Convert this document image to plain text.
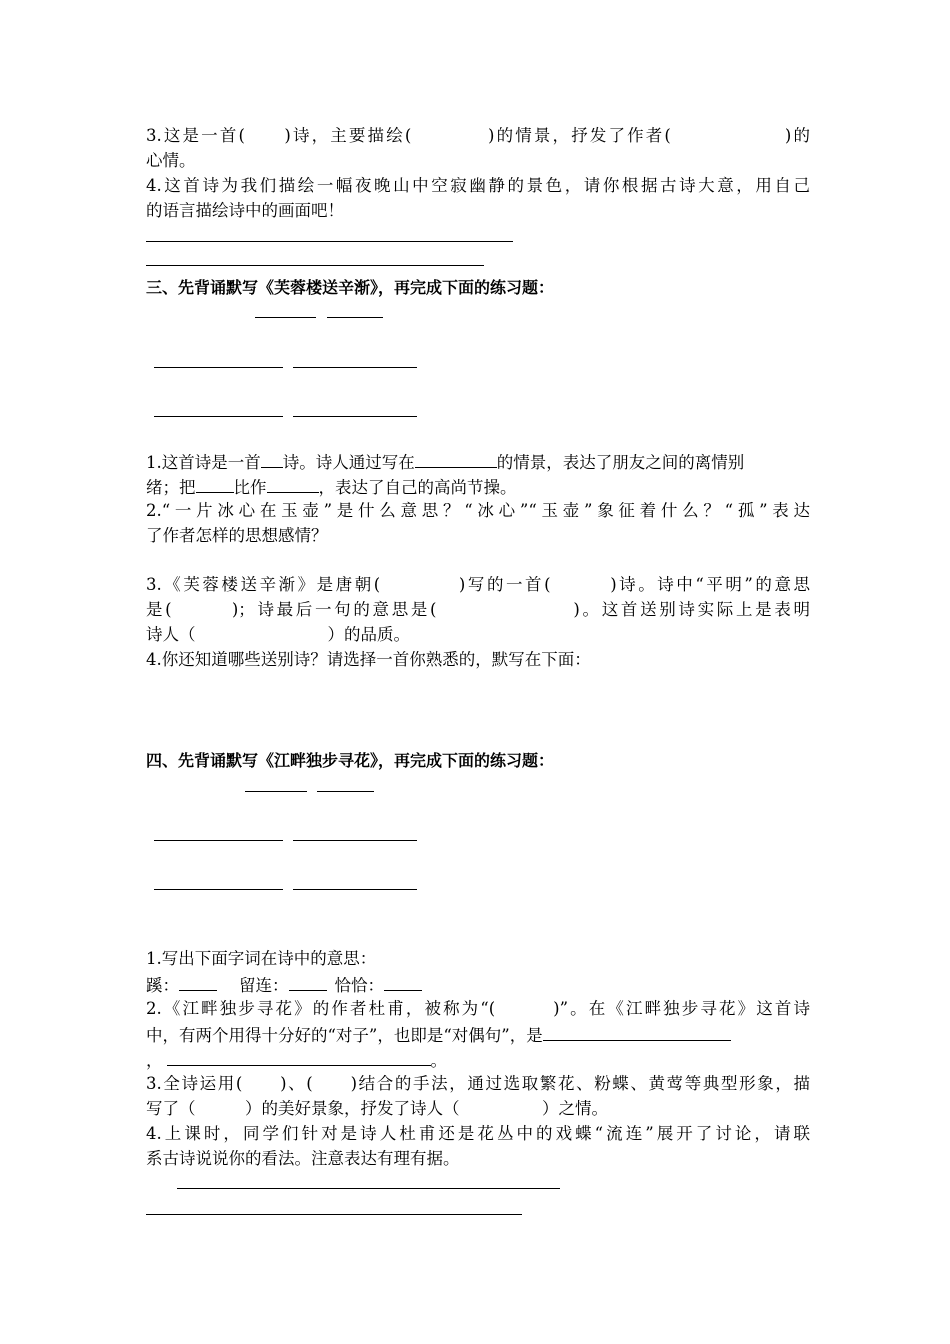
3.这是一首(　　)诗，主要描绘(　　　　)的情景，抒发了作者(　　　　　　)的
心情。
4.这首诗为我们描绘一幅夜晚山中空寂幽静的景色，请你根据古诗大意，用自己
的语言描绘诗中的画面吧！
三、先背诵默写《芙蓉楼送辛渐》，再完成下面的练习题：
1.这首诗是一首 诗。诗人通过写在	的情景，表达了朋友之间的离情别
绪；把 比作	，表达了自己的高尚节操。
2.“一片冰心在玉壶”是什么意思？“冰心”“玉壶”象征着什么？“孤”表达
了作者怎样的思想感情？
3.《芙蓉楼送辛渐》是唐朝(　　　　)写的一首(　　　)诗。诗中“平明”的意思
是(　　　)；诗最后一句的意思是(　　　　　　　)。这首送别诗实际上是表明
诗人（　　　　　　　　）的品质。
4.你还知道哪些送别诗？请选择一首你熟悉的，默写在下面：
四、先背诵默写《江畔独步寻花》，再完成下面的练习题：
1.写出下面字词在诗中的意思：
蹊：	留连：	恰恰：
2.《江畔独步寻花》的作者杜甫，被称为“(　　　)”。在《江畔独步寻花》这首诗
中，有两个用得十分好的“对子”，也即是“对偶句”，是
，	。
3.全诗运用(　　)、(　　)结合的手法，通过选取繁花、粉蝶、黄莺等典型形象，描
写了（　　　）的美好景象，抒发了诗人（　　　　　）之情。
4.上课时，同学们针对是诗人杜甫还是花丛中的戏蝶“流连”展开了讨论，请联
系古诗说说你的看法。注意表达有理有据。
